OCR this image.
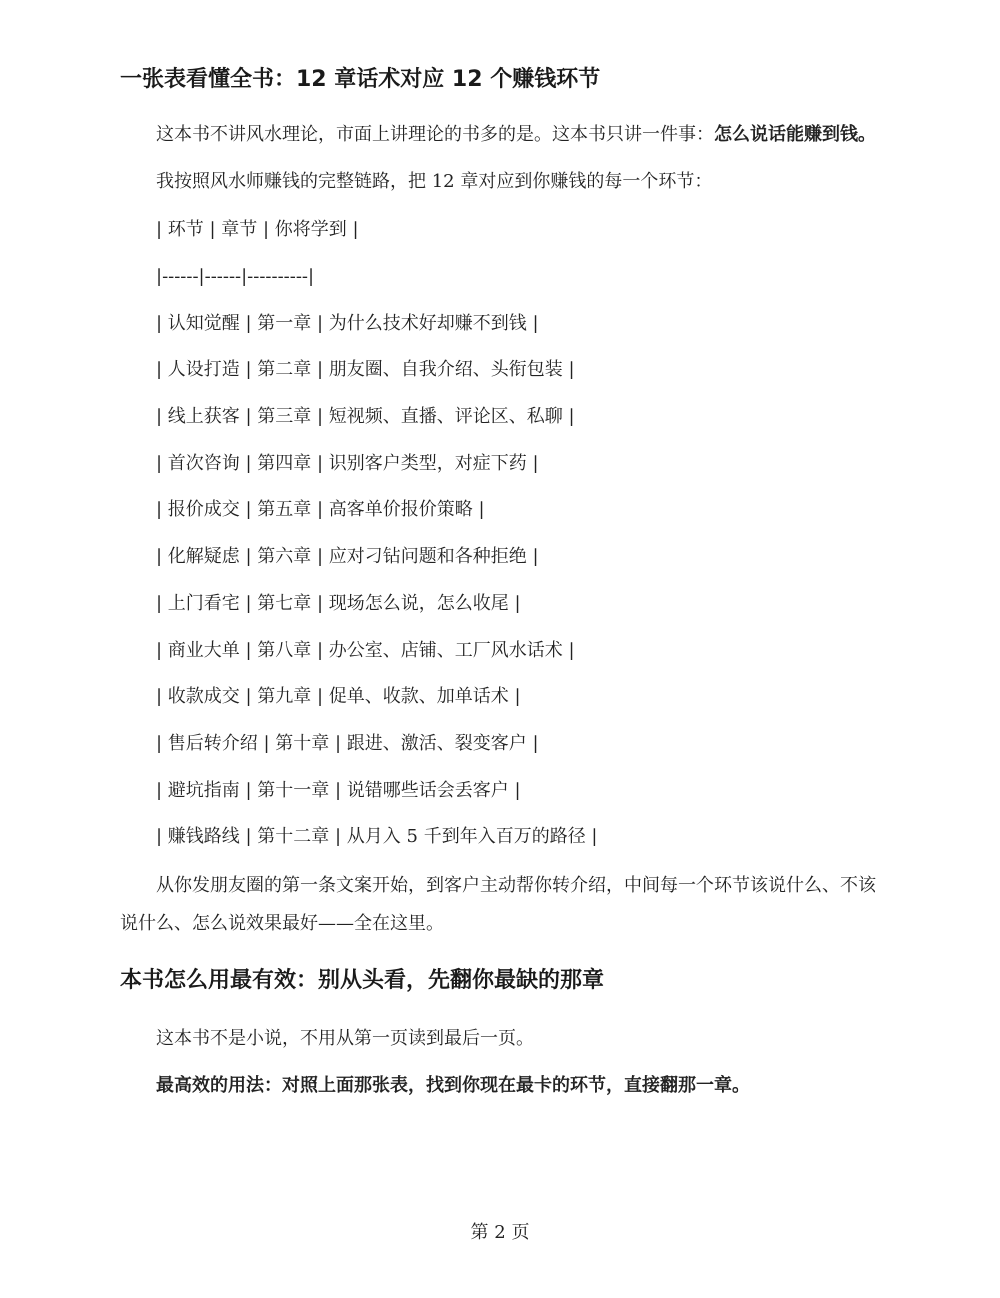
一张表看懂全书：12 章话术对应 12 个赚钱环节

这本书不讲风水理论，市面上讲理论的书多的是。这本书只讲一件事：怎么说话能赚到钱。

我按照风水师赚钱的完整链路，把 12 章对应到你赚钱的每一个环节：

| 环节 | 章节 | 你将学到 |
|------|------|----------|
| 认知觉醒 | 第一章 | 为什么技术好却赚不到钱 |
| 人设打造 | 第二章 | 朋友圈、自我介绍、头衔包装 |
| 线上获客 | 第三章 | 短视频、直播、评论区、私聊 |
| 首次咨询 | 第四章 | 识别客户类型，对症下药 |
| 报价成交 | 第五章 | 高客单价报价策略 |
| 化解疑虑 | 第六章 | 应对刁钻问题和各种拒绝 |
| 上门看宅 | 第七章 | 现场怎么说，怎么收尾 |
| 商业大单 | 第八章 | 办公室、店铺、工厂风水话术 |
| 收款成交 | 第九章 | 促单、收款、加单话术 |
| 售后转介绍 | 第十章 | 跟进、激活、裂变客户 |
| 避坑指南 | 第十一章 | 说错哪些话会丢客户 |
| 赚钱路线 | 第十二章 | 从月入 5 千到年入百万的路径 |

从你发朋友圈的第一条文案开始，到客户主动帮你转介绍，中间每一个环节该说什么、不该说什么、怎么说效果最好——全在这里。

本书怎么用最有效：别从头看，先翻你最缺的那章

这本书不是小说，不用从第一页读到最后一页。

最高效的用法：对照上面那张表，找到你现在最卡的环节，直接翻那一章。

第 2 页
